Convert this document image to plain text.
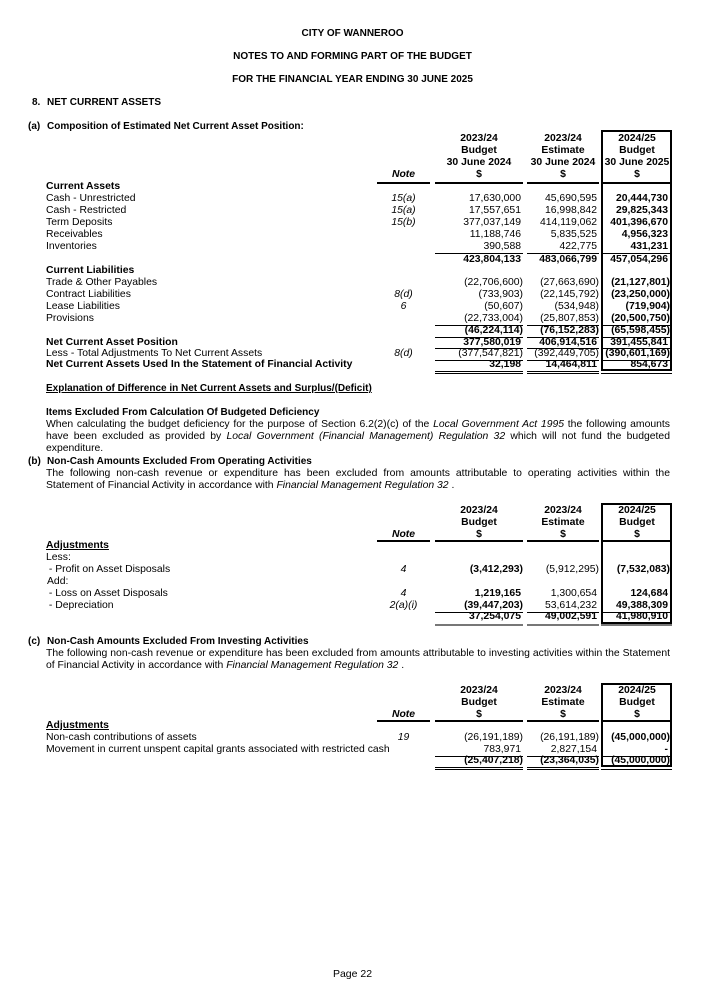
CITY OF WANNEROO
NOTES TO AND FORMING PART OF THE BUDGET
FOR THE FINANCIAL YEAR ENDING 30 JUNE 2025
8. NET CURRENT ASSETS
(a) Composition of Estimated Net Current Asset Position:
2023/24
Budget
30 June 2024
$
2023/24
Estimate
30 June 2024
$
2024/25
Budget
30 June 2025
$
Note
Current Assets
Cash - Unrestricted	15(a)	17,630,000	45,690,595	20,444,730
Cash - Restricted	15(a)	17,557,651	16,998,842	29,825,343
Term Deposits	15(b)	377,037,149	414,119,062	401,396,670
Receivables	11,188,746	5,835,525	4,956,323
Inventories	390,588	422,775	431,231
423,804,133	483,066,799	457,054,296
Current Liabilities
Trade & Other Payables	(22,706,600)	(27,663,690)	(21,127,801)
Contract Liabilities	8(d)	(733,903)	(22,145,792)	(23,250,000)
Lease Liabilities	6	(50,607)	(534,948)	(719,904)
Provisions	(22,733,004)	(25,807,853)	(20,500,750)
(46,224,114)	(76,152,283)	(65,598,455)
Net Current Asset Position	377,580,019	406,914,516	391,455,841
Less - Total Adjustments To Net Current Assets	8(d)	(377,547,821)	(392,449,705) (390,601,169)
Net Current Assets Used In the Statement of Financial Activity	32,198	14,464,811	854,673
Explanation of Difference in Net Current Assets and Surplus/(Deficit)
Items Excluded From Calculation Of Budgeted Deficiency
When calculating the budget deficiency for the purpose of Section 6.2(2)(c) of the Local Government Act 1995 the following amounts have been excluded as provided by Local Government (Financial Management) Regulation 32 which will not fund the budgeted expenditure.
(b) Non-Cash Amounts Excluded From Operating Activities
The following non-cash revenue or expenditure has been excluded from amounts attributable to operating activities within the Statement of Financial Activity in accordance with Financial Management Regulation 32 .
2023/24
Budget
$
2023/24
Estimate
$
2024/25
Budget
$
Note
Adjustments
Less:
- Profit on Asset Disposals	4	(3,412,293)	(5,912,295)	(7,532,083)
Add:
- Loss on Asset Disposals	4	1,219,165	1,300,654	124,684
- Depreciation	2(a)(i)	(39,447,203)	53,614,232	49,388,309
37,254,075	49,002,591	41,980,910
(c) Non-Cash Amounts Excluded From Investing Activities
The following non-cash revenue or expenditure has been excluded from amounts attributable to investing activities within the Statement of Financial Activity in accordance with Financial Management Regulation 32 .
2023/24
Budget
$
2023/24
Estimate
$
2024/25
Budget
$
Note
Adjustments
Non-cash contributions of assets	19	(26,191,189)	(26,191,189)	(45,000,000)
Movement in current unspent capital grants associated with restricted cash	783,971	2,827,154	-
(25,407,218)	(23,364,035)	(45,000,000)
Page 22
